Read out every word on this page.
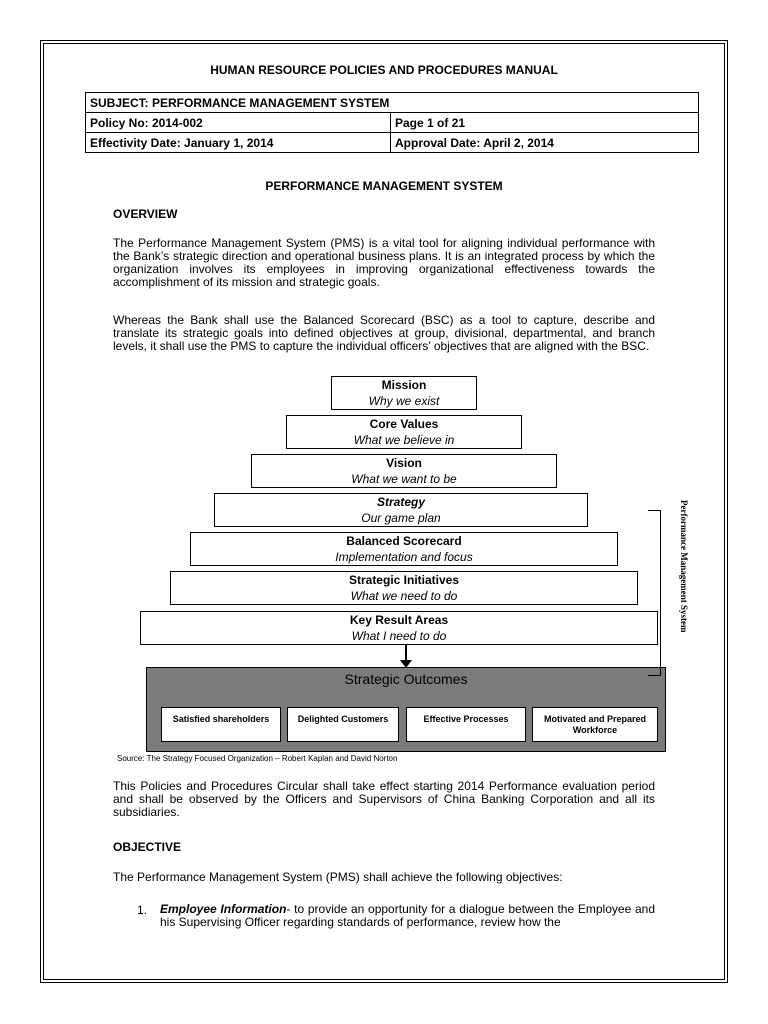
HUMAN RESOURCE POLICIES AND PROCEDURES MANUAL
SUBJECT: PERFORMANCE MANAGEMENT SYSTEM	
Policy No: 2014-002	Page 1 of 21
Effectivity Date: January 1, 2014	Approval Date: April 2, 2014
PERFORMANCE MANAGEMENT SYSTEM
OVERVIEW
The Performance Management System (PMS) is a vital tool for aligning individual performance with the Bank’s strategic direction and operational business plans. It is an integrated process by which the organization involves its employees in improving organizational effectiveness towards the accomplishment of its mission and strategic goals.
Whereas the Bank shall use the Balanced Scorecard (BSC) as a tool to capture, describe and translate its strategic goals into defined objectives at group, divisional, departmental, and branch levels, it shall use the PMS to capture the individual officers’ objectives that are aligned with the BSC.
Mission
Why we exist
Core Values
What we believe in
Vision
What we want to be
Strategy
Our game plan
Balanced Scorecard
Implementation and focus
Strategic Initiatives
What we need to do
Key Result Areas
What I need to do
Strategic Outcomes
Satisfied shareholders	Delighted Customers	Effective Processes	Motivated and Prepared Workforce
Performance Management System
Source: The Strategy Focused Organization – Robert Kaplan and David Norton
This Policies and Procedures Circular shall take effect starting 2014 Performance evaluation period and shall be observed by the Officers and Supervisors of China Banking Corporation and all its subsidiaries.
OBJECTIVE
The Performance Management System (PMS) shall achieve the following objectives:
1. Employee Information- to provide an opportunity for a dialogue between the Employee and his Supervising Officer regarding standards of performance, review how the
